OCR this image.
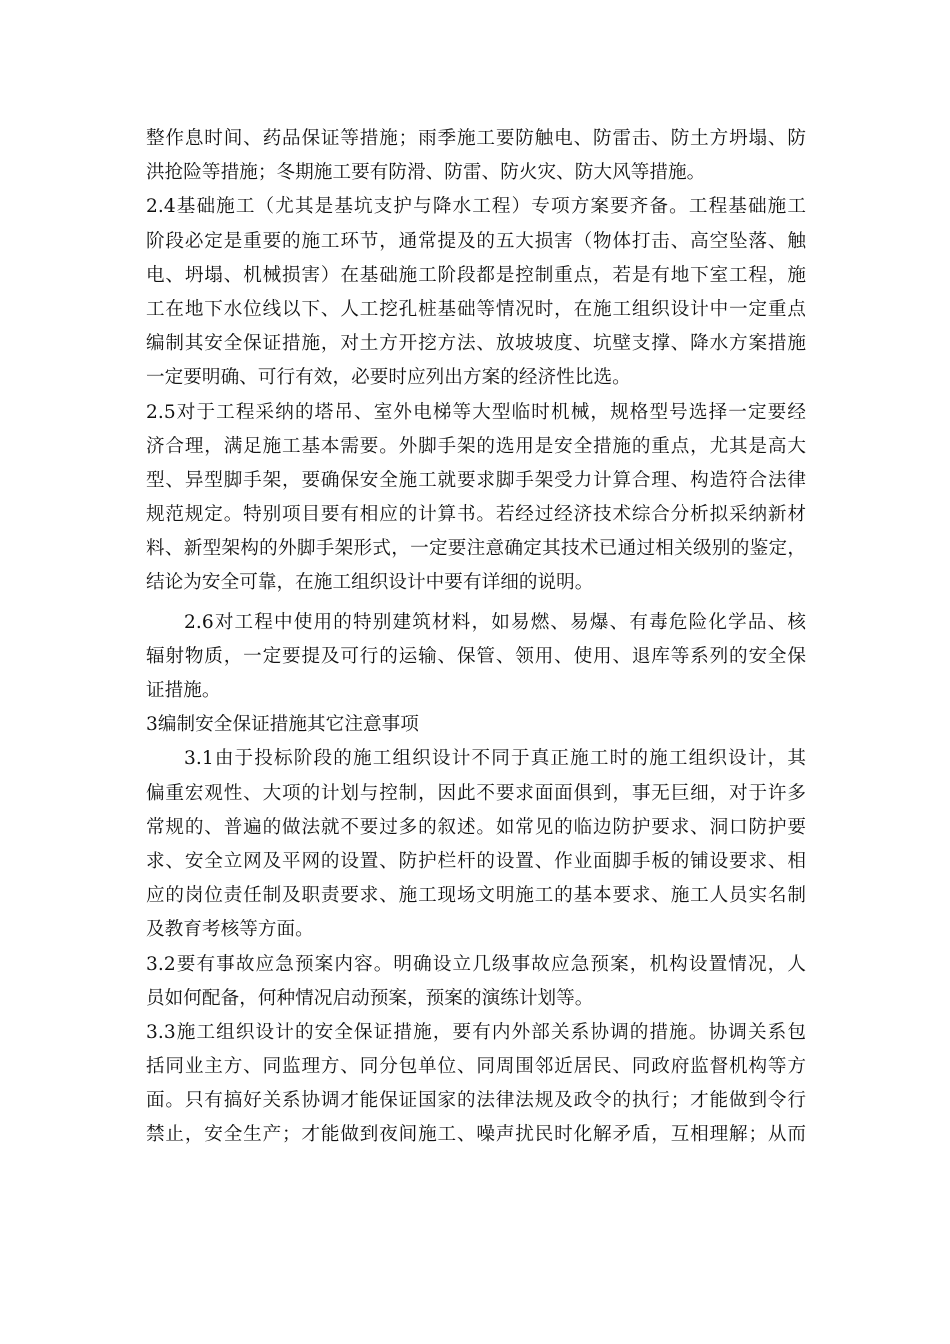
整作息时间、药品保证等措施；雨季施工要防触电、防雷击、防土方坍塌、防
洪抢险等措施；冬期施工要有防滑、防雷、防火灾、防大风等措施。
2.4基础施工（尤其是基坑支护与降水工程）专项方案要齐备。工程基础施工
阶段必定是重要的施工环节，通常提及的五大损害（物体打击、高空坠落、触
电、坍塌、机械损害）在基础施工阶段都是控制重点，若是有地下室工程，施
工在地下水位线以下、人工挖孔桩基础等情况时，在施工组织设计中一定重点
编制其安全保证措施，对土方开挖方法、放坡坡度、坑壁支撑、降水方案措施
一定要明确、可行有效，必要时应列出方案的经济性比选。
2.5对于工程采纳的塔吊、室外电梯等大型临时机械，规格型号选择一定要经
济合理，满足施工基本需要。外脚手架的选用是安全措施的重点，尤其是高大
型、异型脚手架，要确保安全施工就要求脚手架受力计算合理、构造符合法律
规范规定。特别项目要有相应的计算书。若经过经济技术综合分析拟采纳新材
料、新型架构的外脚手架形式，一定要注意确定其技术已通过相关级别的鉴定，
结论为安全可靠，在施工组织设计中要有详细的说明。
2.6对工程中使用的特别建筑材料，如易燃、易爆、有毒危险化学品、核
辐射物质，一定要提及可行的运输、保管、领用、使用、退库等系列的安全保
证措施。
3编制安全保证措施其它注意事项
3.1由于投标阶段的施工组织设计不同于真正施工时的施工组织设计，其
偏重宏观性、大项的计划与控制，因此不要求面面俱到，事无巨细，对于许多
常规的、普遍的做法就不要过多的叙述。如常见的临边防护要求、洞口防护要
求、安全立网及平网的设置、防护栏杆的设置、作业面脚手板的铺设要求、相
应的岗位责任制及职责要求、施工现场文明施工的基本要求、施工人员实名制
及教育考核等方面。
3.2要有事故应急预案内容。明确设立几级事故应急预案，机构设置情况，人
员如何配备，何种情况启动预案，预案的演练计划等。
3.3施工组织设计的安全保证措施，要有内外部关系协调的措施。协调关系包
括同业主方、同监理方、同分包单位、同周围邻近居民、同政府监督机构等方
面。只有搞好关系协调才能保证国家的法律法规及政令的执行；才能做到令行
禁止，安全生产；才能做到夜间施工、噪声扰民时化解矛盾，互相理解；从而
